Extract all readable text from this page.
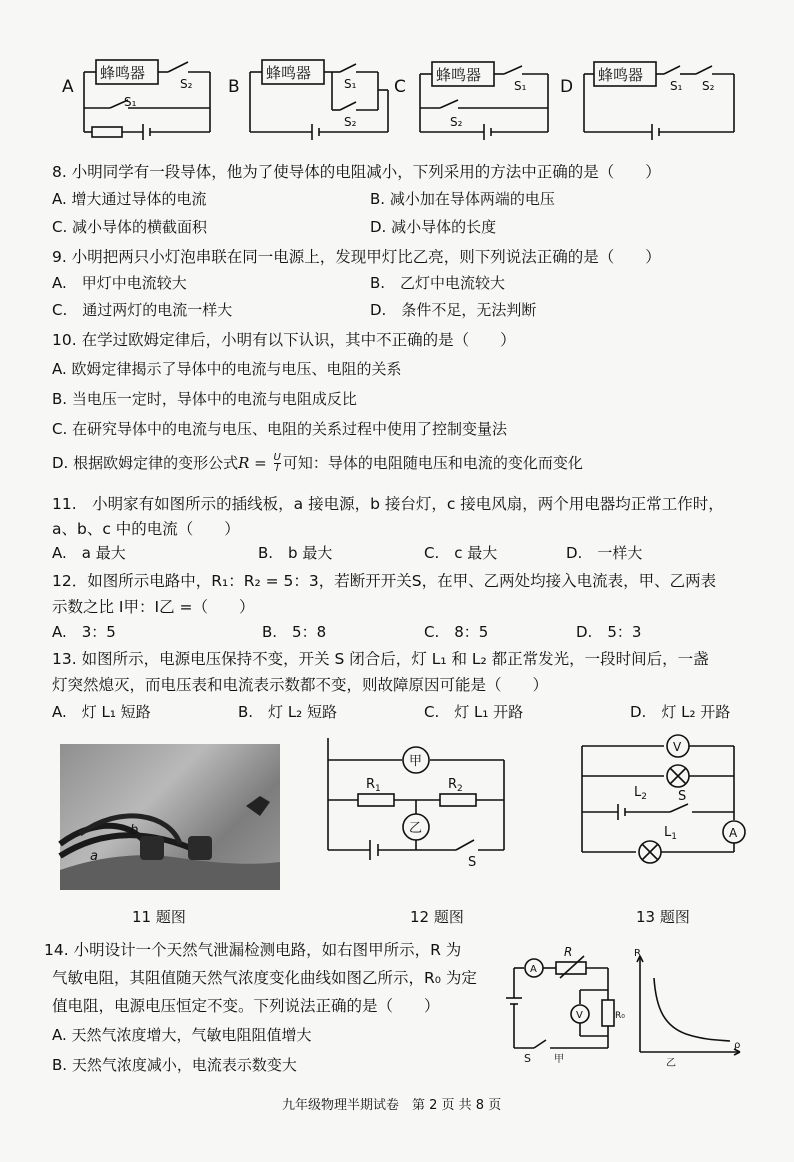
A
蜂鸣器
S₁
S₂ B
蜂鸣器
S₁
S₂
C
蜂鸣器
S₁
S₂
D
蜂鸣器
S₁ S₂
8. 小明同学有一段导体，他为了使导体的电阻减小，下列采用的方法中正确的是（　　）
A. 增大通过导体的电流	B. 减小加在导体两端的电压
C. 减小导体的横截面积	D. 减小导体的长度
9. 小明把两只小灯泡串联在同一电源上，发现甲灯比乙亮，则下列说法正确的是（　　）
A.　甲灯中电流较大	B.　乙灯中电流较大
C.　通过两灯的电流一样大	D.　条件不足，无法判断
10. 在学过欧姆定律后，小明有以下认识，其中不正确的是（　　）
A. 欧姆定律揭示了导体中的电流与电压、电阻的关系
B. 当电压一定时，导体中的电流与电阻成反比
C. 在研究导体中的电流与电压、电阻的关系过程中使用了控制变量法
D. 根据欧姆定律的变形公式$R = \frac{U}{I}$ 可知：导体的电阻随电压和电流的变化而变化
11.　小明家有如图所示的插线板，a 接电源，b 接台灯，c 接电风扇，两个用电器均正常工作时，
a、b、c 中的电流（　　）
A.　a 最大	B.　b 最大	C.　c 最大	D.　一样大
12．如图所示电路中，R₁：R₂ = 5：3，若断开开关S，在甲、乙两处均接入电流表，甲、乙两表
示数之比 I甲：I乙 =（　　）
A.　3：5	B.　5：8	C.　8：5	D.　5：3
13. 如图所示，电源电压保持不变，开关 S 闭合后，灯 L₁ 和 L₂ 都正常发光，一段时间后，一盏
灯突然熄灭，而电压表和电流表示数都不变，则故障原因可能是（　　）
A.　灯 L₁ 短路	B.　灯 L₂ 短路	C.　灯 L₁ 开路	D.　灯 L₂ 开路
a
b
11 题图
甲
$R_1$	$R_2$
乙
S
12 题图
V
$L_2$ S
A
$L_1$
13 题图
14. 小明设计一个天然气泄漏检测电路，如右图甲所示，R 为
气敏电阻，其阻值随天然气浓度变化曲线如图乙所示，R₀ 为定
值电阻，电源电压恒定不变。下列说法正确的是（　　）
A. 天然气浓度增大，气敏电阻阻值增大
B. 天然气浓度减小，电流表示数变大
A
R
S 甲
V	R₀
R
ρ
乙
九年级物理半期试卷　第 2 页 共 8 页
